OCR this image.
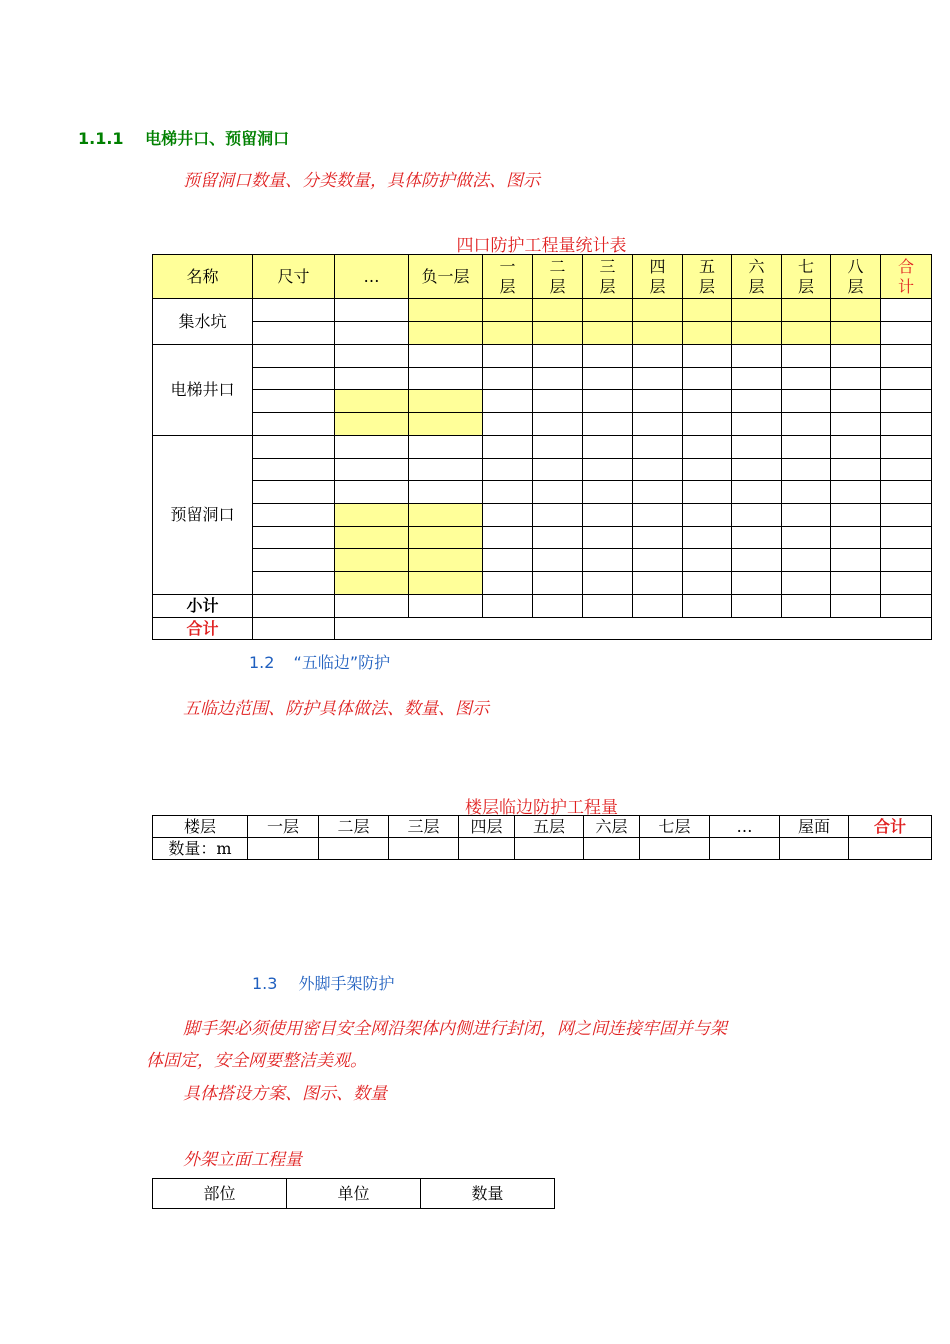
1.1.1 电梯井口、预留洞口
预留洞口数量、分类数量，具体防护做法、图示
四口防护工程量统计表
名称	尺寸	…	负一层	一层	二层	三层	四层	五层	六层	七层	八层	合计
集水坑												

电梯井口												

预留洞口												

小计												
合计												
1.2 “五临边”防护
五临边范围、防护具体做法、数量、图示
楼层临边防护工程量
楼层	一层	二层	三层	四层	五层	六层	七层	…	屋面	合计
数量：m										
1.3 外脚手架防护
脚手架必须使用密目安全网沿架体内侧进行封闭，网之间连接牢固并与架
体固定，安全网要整洁美观。
具体搭设方案、图示、数量
外架立面工程量
部位	单位	数量
